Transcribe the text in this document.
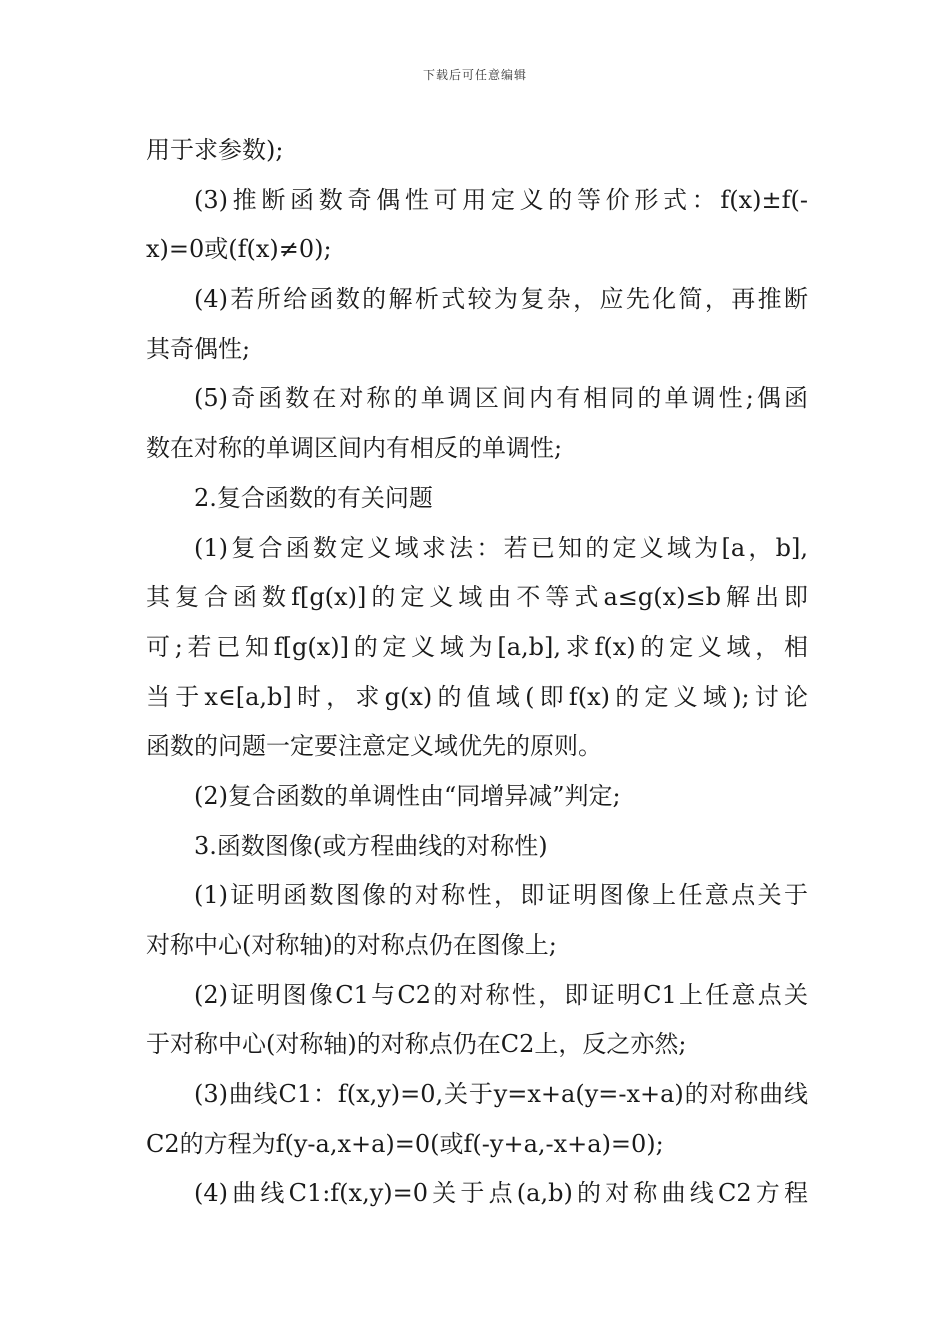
下载后可任意编辑
用于求参数);
(3)推断函数奇偶性可用定义的等价形式：f(x)±f(-
x)=0或(f(x)≠0);
(4)若所给函数的解析式较为复杂，应先化简，再推断
其奇偶性;
(5)奇函数在对称的单调区间内有相同的单调性;偶函
数在对称的单调区间内有相反的单调性;
2.复合函数的有关问题
(1)复合函数定义域求法：若已知的定义域为[a，b],
其复合函数f[g(x)]的定义域由不等式a≤g(x)≤b解出即
可;若已知f[g(x)]的定义域为[a,b],求f(x)的定义域，相
当于x∈[a,b]时，求g(x)的值域(即f(x)的定义域);讨论
函数的问题一定要注意定义域优先的原则。
(2)复合函数的单调性由“同增异减”判定;
3.函数图像(或方程曲线的对称性)
(1)证明函数图像的对称性，即证明图像上任意点关于
对称中心(对称轴)的对称点仍在图像上;
(2)证明图像C1与C2的对称性，即证明C1上任意点关
于对称中心(对称轴)的对称点仍在C2上，反之亦然;
(3)曲线C1：f(x,y)=0,关于y=x+a(y=-x+a)的对称曲线
C2的方程为f(y-a,x+a)=0(或f(-y+a,-x+a)=0);
(4)曲线C1:f(x,y)=0关于点(a,b)的对称曲线C2方程
